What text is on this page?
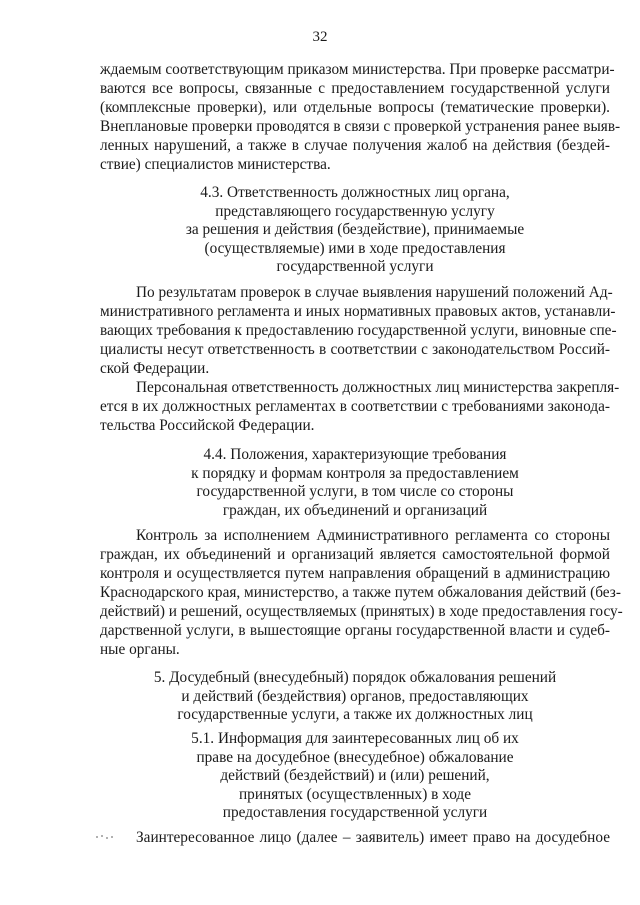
32

ждаемым соответствующим приказом министерства. При проверке рассматри-

ваются все вопросы, связанные с предоставлением государственной услуги

(комплексные проверки), или отдельные вопросы (тематические проверки).

Внеплановые проверки проводятся в связи с проверкой устранения ранее выяв-

ленных нарушений, а также в случае получения жалоб на действия (бездей-

ствие) специалистов министерства.

4.3. Ответственность должностных лиц органа,
представляющего государственную услугу
за решения и действия (бездействие), принимаемые
(осуществляемые) ими в ходе предоставления
государственной услуги

По результатам проверок в случае выявления нарушений положений Ад-

министративного регламента и иных нормативных правовых актов, устанавли-

вающих требования к предоставлению государственной услуги, виновные спе-

циалисты несут ответственность в соответствии с законодательством Россий-

ской Федерации.

Персональная ответственность должностных лиц министерства закрепля-

ется в их должностных регламентах в соответствии с требованиями законода-

тельства Российской Федерации.

4.4. Положения, характеризующие требования
к порядку и формам контроля за предоставлением
государственной услуги, в том числе со стороны
граждан, их объединений и организаций

Контроль за исполнением Административного регламента со стороны

граждан, их объединений и организаций является самостоятельной формой

контроля и осуществляется путем направления обращений в администрацию

Краснодарского края, министерство, а также путем обжалования действий (без-

действий) и решений, осуществляемых (принятых) в ходе предоставления госу-

дарственной услуги, в вышестоящие органы государственной власти и судеб-

ные органы.

5. Досудебный (внесудебный) порядок обжалования решений
и действий (бездействия) органов, предоставляющих
государственные услуги, а также их должностных лиц
5.1. Информация для заинтересованных лиц об их
праве на досудебное (внесудебное) обжалование
действий (бездействий) и (или) решений,
принятых (осуществленных) в ходе
предоставления государственной услуги

Заинтересованное лицо (далее – заявитель) имеет право на досудебное
